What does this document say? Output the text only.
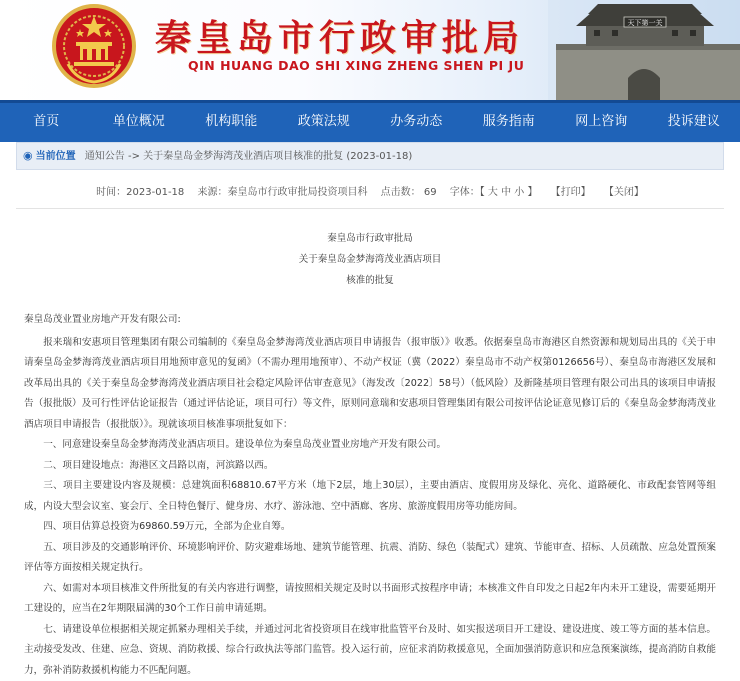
秦皇岛市行政审批局
QIN HUANG DAO SHI XING ZHENG SHEN PI JU
天下第一关
首页	单位概况	机构职能	政策法规	办务动态	服务指南	网上咨询	投诉建议
◉ 当前位置 通知公告 -> 关于秦皇岛金梦海湾茂业酒店项目核准的批复 (2023-01-18)
时间：2023-01-18 来源：秦皇岛市行政审批局投资项目科 点击数： 69 字体：【 大 中 小 】 【打印】 【关闭】
秦皇岛市行政审批局
关于秦皇岛金梦海湾茂业酒店项目
核准的批复

秦皇岛茂业置业房地产开发有限公司:

报来瑞和安惠项目管理集团有限公司编制的《秦皇岛金梦海湾茂业酒店项目申请报告（报审版）》收悉。依据秦皇岛市海港区自然资源和规划局出具的《关于申请秦皇岛金梦海湾茂业酒店项目用地预审意见的复函》（不需办理用地预审）、不动产权证（冀（2022）秦皇岛市不动产权第0126656号）、秦皇岛市海港区发展和改革局出具的《关于秦皇岛金梦海湾茂业酒店项目社会稳定风险评估审查意见》（海发改〔2022〕58号）（低风险）及新隆基项目管理有限公司出具的该项目申请报告（报批版）及可行性评估论证报告（通过评估论证，项目可行）等文件，原则同意瑞和安惠项目管理集团有限公司按评估论证意见修订后的《秦皇岛金梦海湾茂业酒店项目申请报告（报批版）》。现就该项目核准事项批复如下：

一、同意建设秦皇岛金梦海湾茂业酒店项目。建设单位为秦皇岛茂业置业房地产开发有限公司。

二、项目建设地点：海港区文昌路以南，河滨路以西。

三、项目主要建设内容及规模：总建筑面积68810.67平方米（地下2层，地上30层），主要由酒店、度假用房及绿化、亮化、道路硬化、市政配套管网等组成，内设大型会议室、宴会厅、全日特色餐厅、健身房、水疗、游泳池、空中酒廊、客房、旅游度假用房等功能房间。

四、项目估算总投资为69860.59万元，全部为企业自筹。

五、项目涉及的交通影响评价、环境影响评价、防灾避难场地、建筑节能管理、抗震、消防、绿色（装配式）建筑、节能审查、招标、人员疏散、应急处置预案评估等方面按相关规定执行。

六、如需对本项目核准文件所批复的有关内容进行调整，请按照相关规定及时以书面形式按程序申请；本核准文件自印发之日起2年内未开工建设，需要延期开工建设的，应当在2年期限届满的30个工作日前申请延期。

七、请建设单位根据相关规定抓紧办理相关手续，并通过河北省投资项目在线审批监管平台及时、如实报送项目开工建设、建设进度、竣工等方面的基本信息。主动接受发改、住建、应急、资规、消防救援、综合行政执法等部门监管。投入运行前，应征求消防救援意见，全面加强消防意识和应急预案演练，提高消防自救能力，弥补消防救援机构能力不匹配问题。
